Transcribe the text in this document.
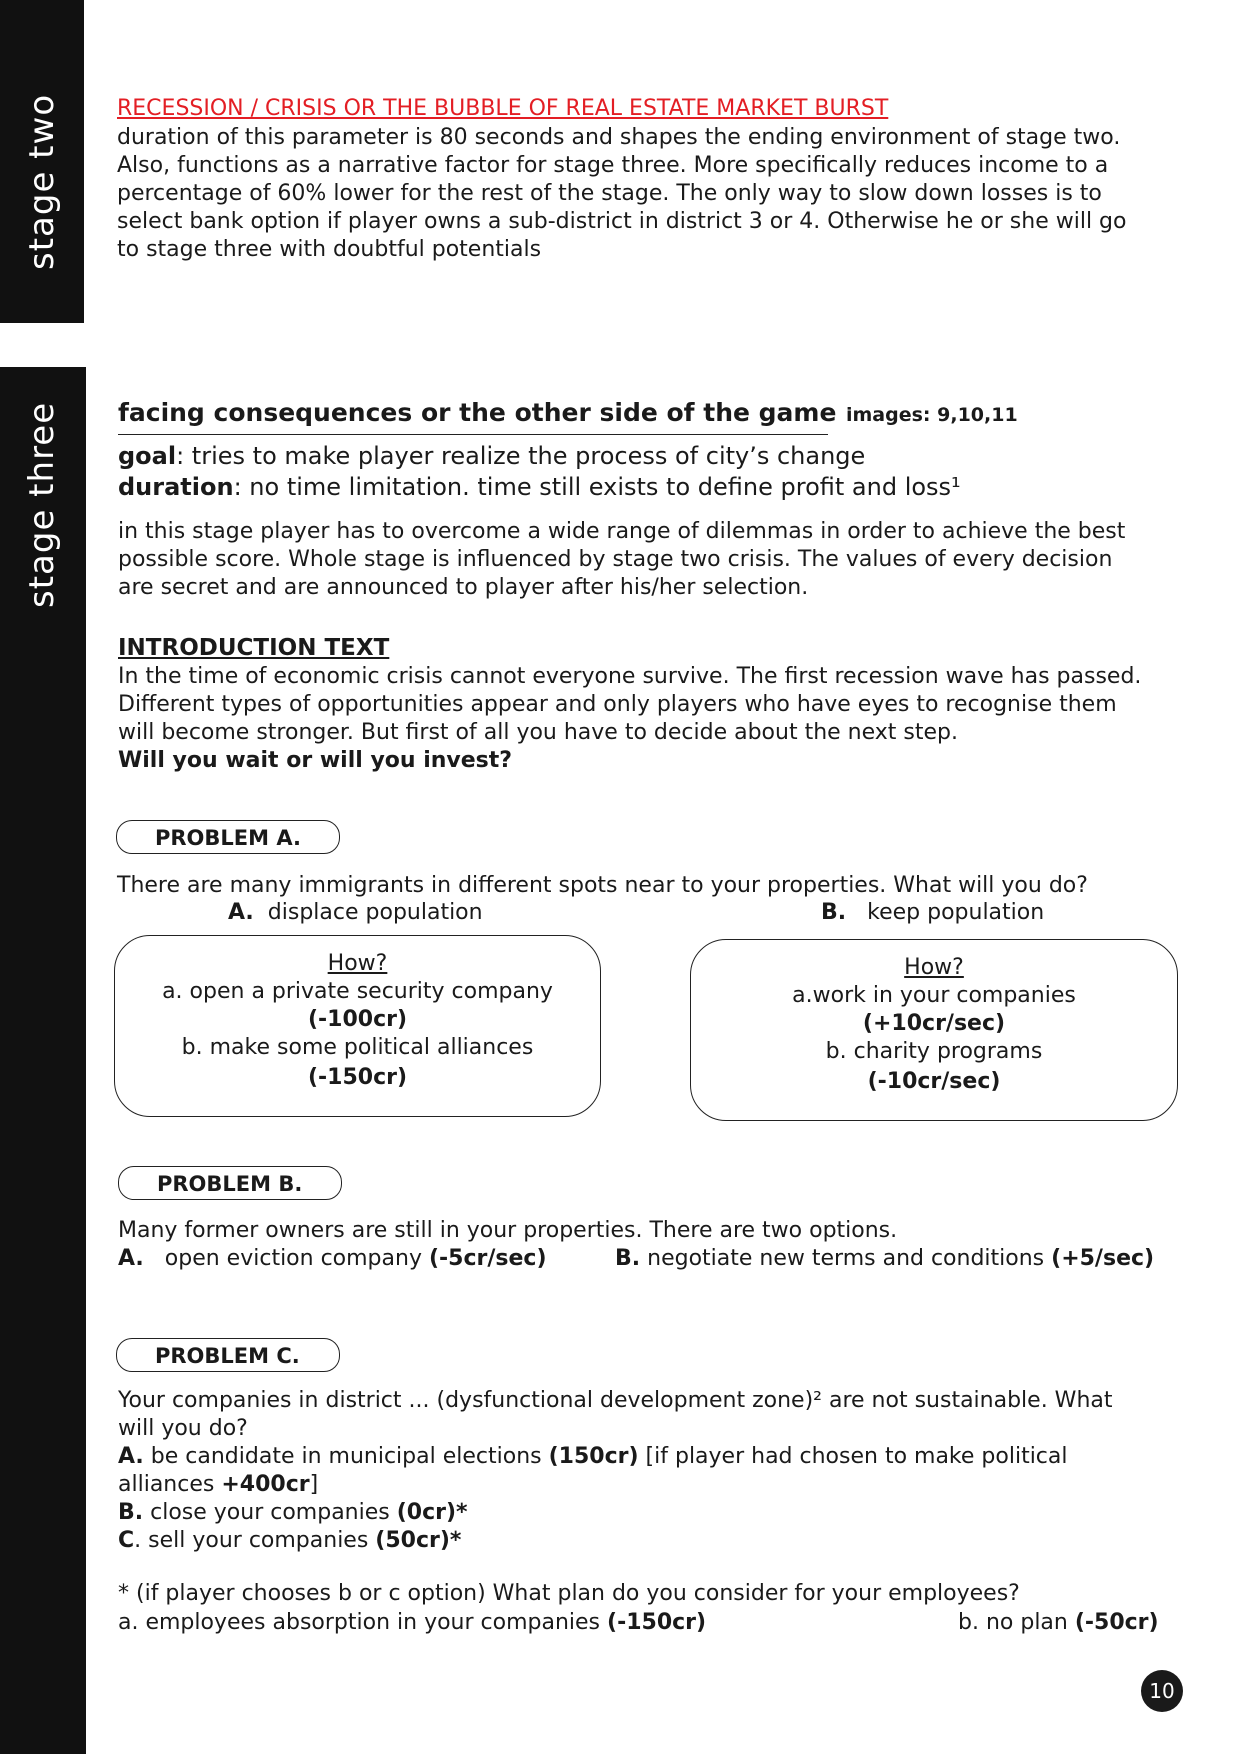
stage two
stage three
RECESSION / CRISIS OR THE BUBBLE OF REAL ESTATE MARKET BURST
duration of this parameter is 80 seconds and shapes the ending environment of stage two.
Also, functions as a narrative factor for stage three. More specifically reduces income to a
percentage of 60% lower for the rest of the stage. The only way to slow down losses is to
select bank option if player owns a sub-district in district 3 or 4. Otherwise he or she will go
to stage three with doubtful potentials
facing consequences or the other side of the game images: 9,10,11
goal: tries to make player realize the process of city’s change
duration: no time limitation. time still exists to define profit and loss¹
in this stage player has to overcome a wide range of dilemmas in order to achieve the best
possible score. Whole stage is influenced by stage two crisis. The values of every decision
are secret and are announced to player after his/her selection.
INTRODUCTION TEXT
In the time of economic crisis cannot everyone survive. The first recession wave has passed.
Different types of opportunities appear and only players who have eyes to recognise them
will become stronger. But first of all you have to decide about the next step.
Will you wait or will you invest?
PROBLEM A.
There are many immigrants in different spots near to your properties. What will you do?
A. displace population	B. keep population
How?
a. open a private security company
(-100cr)
b. make some political alliances
(-150cr)
How?
a.work in your companies
(+10cr/sec)
b. charity programs
(-10cr/sec)
PROBLEM B.
Many former owners are still in your properties. There are two options.
A. open eviction company (-5cr/sec)	B. negotiate new terms and conditions (+5/sec)
PROBLEM C.
Your companies in district ... (dysfunctional development zone)² are not sustainable. What
will you do?
A. be candidate in municipal elections (150cr) [if player had chosen to make political
alliances +400cr]
B. close your companies (0cr)*
C. sell your companies (50cr)*
* (if player chooses b or c option) What plan do you consider for your employees?
a. employees absorption in your companies (-150cr)	b. no plan (-50cr)
10
